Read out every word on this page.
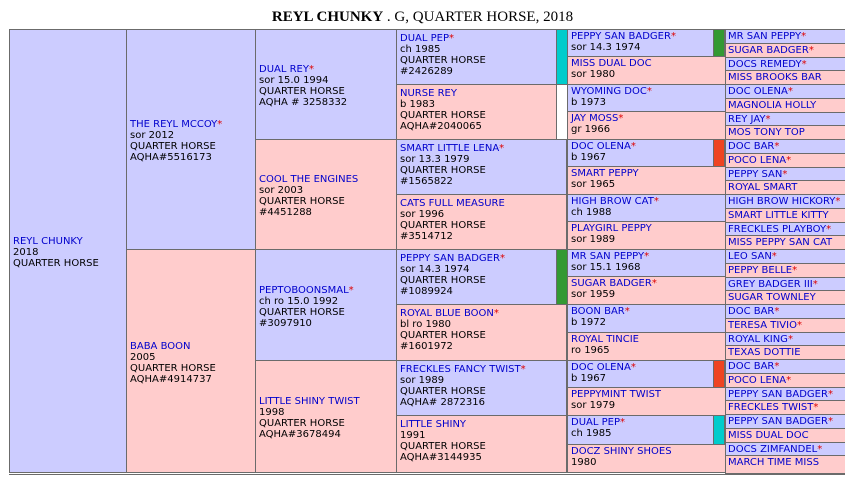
REYL CHUNKY . G, QUARTER HORSE, 2018
REYL CHUNKY
2018
QUARTER HORSE
THE REYL MCCOY*
sor 2012
QUARTER HORSE
AQHA#5516173
BABA BOON
2005
QUARTER HORSE
AQHA#4914737
DUAL REY*
sor 15.0 1994
QUARTER HORSE
AQHA # 3258332
COOL THE ENGINES
sor 2003
QUARTER HORSE
#4451288
PEPTOBOONSMAL*
ch ro 15.0 1992
QUARTER HORSE
#3097910
LITTLE SHINY TWIST
1998
QUARTER HORSE
AQHA#3678494
DUAL PEP*
ch 1985
QUARTER HORSE
#2426289
NURSE REY
b 1983
QUARTER HORSE
AQHA#2040065
SMART LITTLE LENA*
sor 13.3 1979
QUARTER HORSE
#1565822
CATS FULL MEASURE
sor 1996
QUARTER HORSE
#3514712
PEPPY SAN BADGER*
sor 14.3 1974
QUARTER HORSE
#1089924
ROYAL BLUE BOON*
bl ro 1980
QUARTER HORSE
#1601972
FRECKLES FANCY TWIST*
sor 1989
QUARTER HORSE
AQHA# 2872316
LITTLE SHINY
1991
QUARTER HORSE
AQHA#3144935
PEPPY SAN BADGER*
sor 14.3 1974
MISS DUAL DOC
sor 1980
WYOMING DOC*
b 1973
JAY MOSS*
gr 1966
DOC OLENA*
b 1967
SMART PEPPY
sor 1965
HIGH BROW CAT*
ch 1988
PLAYGIRL PEPPY
sor 1989
MR SAN PEPPY*
sor 15.1 1968
SUGAR BADGER*
sor 1959
BOON BAR*
b 1972
ROYAL TINCIE
ro 1965
DOC OLENA*
b 1967
PEPPYMINT TWIST
sor 1979
DUAL PEP*
ch 1985
DOCZ SHINY SHOES
1980
MR SAN PEPPY*
SUGAR BADGER*
DOCS REMEDY*
MISS BROOKS BAR
DOC OLENA*
MAGNOLIA HOLLY
REY JAY*
MOS TONY TOP
DOC BAR*
POCO LENA*
PEPPY SAN*
ROYAL SMART
HIGH BROW HICKORY*
SMART LITTLE KITTY
FRECKLES PLAYBOY*
MISS PEPPY SAN CAT
LEO SAN*
PEPPY BELLE*
GREY BADGER III*
SUGAR TOWNLEY
DOC BAR*
TERESA TIVIO*
ROYAL KING*
TEXAS DOTTIE
DOC BAR*
POCO LENA*
PEPPY SAN BADGER*
FRECKLES TWIST*
PEPPY SAN BADGER*
MISS DUAL DOC
DOCS ZIMFANDEL*
MARCH TIME MISS
